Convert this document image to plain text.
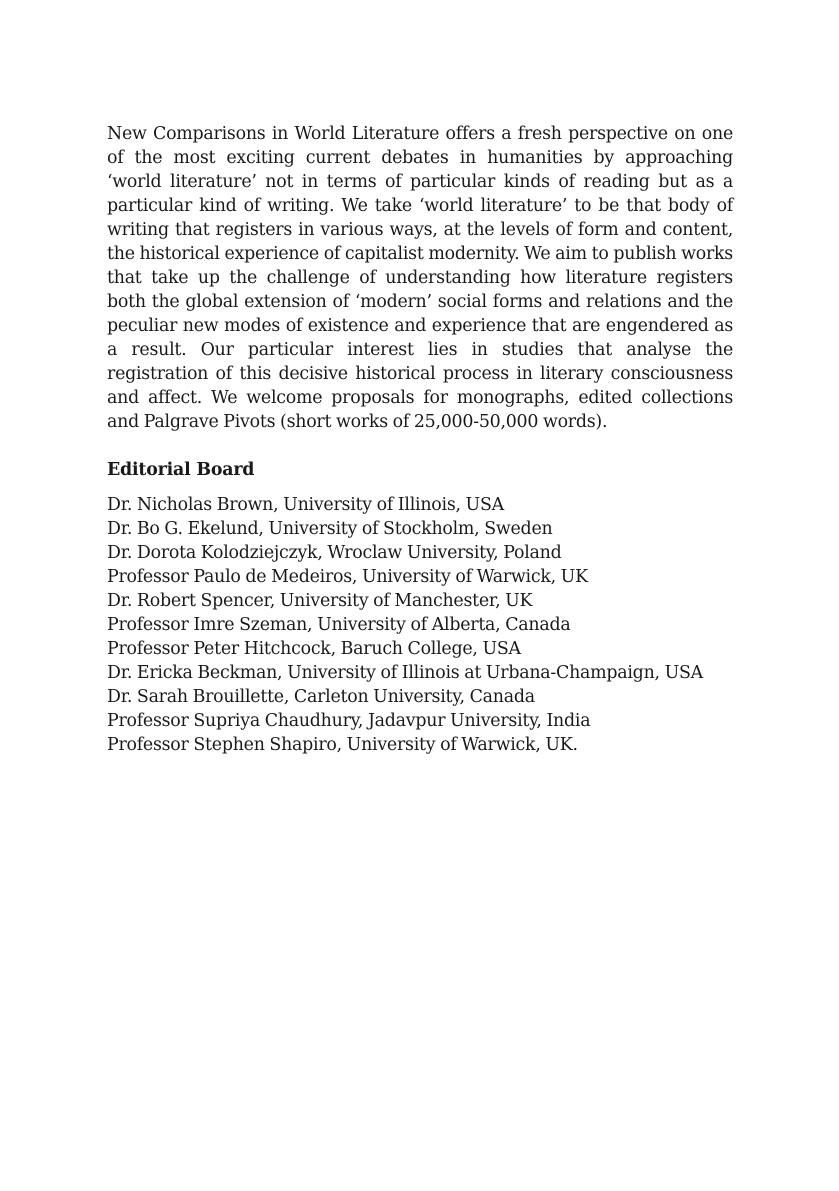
New Comparisons in World Literature offers a fresh perspective on one of the most exciting current debates in humanities by approaching ‘world literature’ not in terms of particular kinds of reading but as a particular kind of writing. We take ‘world literature’ to be that body of writing that registers in various ways, at the levels of form and content, the historical experience of capitalist modernity. We aim to publish works that take up the challenge of understanding how literature registers both the global extension of ‘modern’ social forms and relations and the peculiar new modes of existence and experience that are engendered as a result. Our particular interest lies in studies that analyse the registration of this decisive historical process in literary consciousness and affect. We welcome proposals for monographs, edited collections and Palgrave Pivots (short works of 25,000-50,000 words).

Editorial Board
Dr. Nicholas Brown, University of Illinois, USA
Dr. Bo G. Ekelund, University of Stockholm, Sweden
Dr. Dorota Kolodziejczyk, Wroclaw University, Poland
Professor Paulo de Medeiros, University of Warwick, UK
Dr. Robert Spencer, University of Manchester, UK
Professor Imre Szeman, University of Alberta, Canada
Professor Peter Hitchcock, Baruch College, USA
Dr. Ericka Beckman, University of Illinois at Urbana-Champaign, USA
Dr. Sarah Brouillette, Carleton University, Canada
Professor Supriya Chaudhury, Jadavpur University, India
Professor Stephen Shapiro, University of Warwick, UK.
